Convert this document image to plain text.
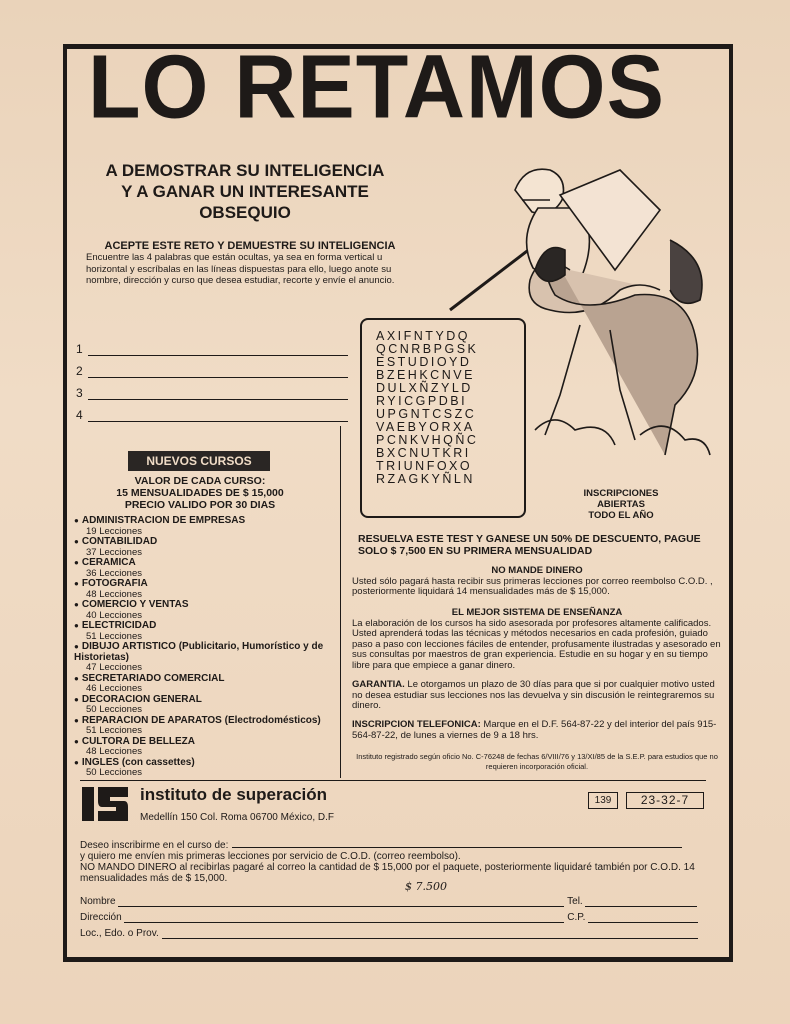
LO RETAMOS
A DEMOSTRAR SU INTELIGENCIA
Y A GANAR UN INTERESANTE
OBSEQUIO
ACEPTE ESTE RETO Y DEMUESTRE SU INTELIGENCIA
Encuentre las 4 palabras que están ocultas, ya sea en forma vertical u horizontal y escríbalas en las líneas dispuestas para ello, luego anote su nombre, dirección y curso que desea estudiar, recorte y envíe el anuncio.
1
2
3
4
AXIFNTYDQ
QCNRBPGSK
ESTUDIOYD
BZEHKCNVE
DULXÑZYLD
RYICGPDBI
UPGNTCSZC
VAEBYORXA
PCNKVHQÑC
BXCNUTKRI
TRIUNFOXO
RZAGKYÑLN
INSCRIPCIONES
ABIERTAS
TODO EL AÑO
NUEVOS CURSOS
VALOR DE CADA CURSO:
15 MENSUALIDADES DE $ 15,000
PRECIO VALIDO POR 30 DIAS
● ADMINISTRACION DE EMPRESAS
19 Lecciones
● CONTABILIDAD
37 Lecciones
● CERAMICA
36 Lecciones
● FOTOGRAFIA
48 Lecciones
● COMERCIO Y VENTAS
40 Lecciones
● ELECTRICIDAD
51 Lecciones
● DIBUJO ARTISTICO (Publicitario, Humorístico y de Historietas)
47 Lecciones
● SECRETARIADO COMERCIAL
46 Lecciones
● DECORACION GENERAL
50 Lecciones
● REPARACION DE APARATOS (Electrodomésticos)
51 Lecciones
● CULTORA DE BELLEZA
48 Lecciones
● INGLES (con cassettes)
50 Lecciones
RESUELVA ESTE TEST Y GANESE UN 50% DE DESCUENTO, PAGUE SOLO $ 7,500 EN SU PRIMERA MENSUALIDAD
NO MANDE DINERO
Usted sólo pagará hasta recibir sus primeras lecciones por correo reembolso C.O.D. , posteriormente liquidará 14 mensualidades más de $ 15,000.
EL MEJOR SISTEMA DE ENSEÑANZA
La elaboración de los cursos ha sido asesorada por profesores altamente calificados. Usted aprenderá todas las técnicas y métodos necesarios en cada profesión, guiado paso a paso con lecciones fáciles de entender, profusamente ilustradas y asesorado en sus consultas por maestros de gran experiencia. Estudie en su hogar y en su tiempo libre para que empiece a ganar dinero.
GARANTIA. Le otorgamos un plazo de 30 días para que si por cualquier motivo usted no desea estudiar sus lecciones nos las devuelva y sin discusión le reintegraremos su dinero.
INSCRIPCION TELEFONICA: Marque en el D.F. 564-87-22 y del interior del país 915-564-87-22, de lunes a viernes de 9 a 18 hrs.
Instituto registrado según oficio No. C-76248 de fechas 6/VIII/76 y 13/XI/85 de la S.E.P. para estudios que no requieren incorporación oficial.
instituto de superación
Medellín 150 Col. Roma 06700 México, D.F
139	23-32-7
Deseo inscribirme en el curso de:
y quiero me envíen mis primeras lecciones por servicio de C.O.D. (correo reembolso).
NO MANDO DINERO al recibirlas pagaré al correo la cantidad de $ 15,000 por el paquete, posteriormente liquidaré también por C.O.D. 14 mensualidades más de $ 15,000.
$ 7.500
Nombre	Tel.
Dirección	C.P.
Loc., Edo. o Prov.
